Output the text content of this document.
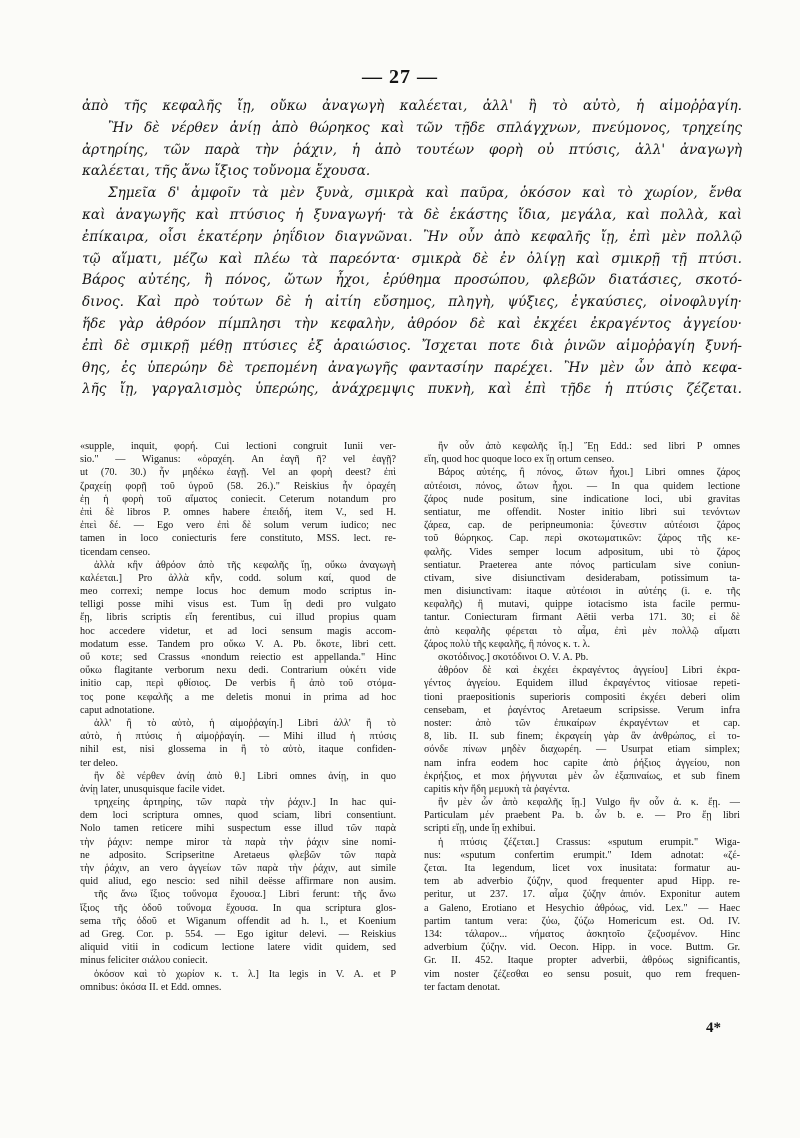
— 27 —
ἀπὸ τῆς κεφαλῆς ἴῃ, οὔκω ἀναγωγὴ καλέεται, ἀλλ' ἢ τὸ αὐτὸ, ἡ αἱμοῤῥαγίη.
Ἢν δὲ νέρθεν ἀνίῃ ἀπὸ θώρηκος καὶ τῶν τῇδε σπλάγχνων, πνεύμονος, τρηχείης
ἀρτηρίης, τῶν παρὰ τὴν ῥάχιν, ἡ ἀπὸ τουτέων φορὴ οὐ πτύσις, ἀλλ' ἀναγωγὴ
καλέεται, τῆς ἄνω ἴξιος τοὔνομα ἔχουσα.
Σημεῖα δ' ἀμφοῖν τὰ μὲν ξυνὰ, σμικρὰ καὶ παῦρα, ὁκόσον καὶ τὸ χωρίον, ἔνθα
καὶ ἀναγωγῆς καὶ πτύσιος ἡ ξυναγωγή· τὰ δὲ ἑκάστης ἴδια, μεγάλα, καὶ πολλὰ, καὶ
ἐπίκαιρα, οἷσι ἑκατέρην ῥηΐδιον διαγνῶναι. Ἢν οὖν ἀπὸ κεφαλῆς ἴῃ, ἐπὶ μὲν πολλῷ
τῷ αἵματι, μέζω καὶ πλέω τὰ παρεόντα· σμικρὰ δὲ ἐν ὀλίγῃ καὶ σμικρῇ τῇ πτύσι.
Βάρος αὐτέης, ἢ πόνος, ὤτων ἦχοι, ἐρύθημα προσώπου, φλεβῶν διατάσιες, σκοτό-
δινος. Καὶ πρὸ τούτων δὲ ἡ αἰτίη εὔσημος, πληγὴ, ψύξιες, ἐγκαύσιες, οἰνοφλυγίη·
ἥδε γὰρ ἀθρόον πίμπλησι τὴν κεφαλὴν, ἀθρόον δὲ καὶ ἐκχέει ἐκραγέντος ἀγγείου·
ἐπὶ δὲ σμικρῇ μέθῃ πτύσιες ἐξ ἀραιώσιος. Ἴσχεται ποτε διὰ ῥινῶν αἱμοῤῥαγίη ξυνή-
θης, ἐς ὑπερώην δὲ τρεπομένη ἀναγωγῆς φαντασίην παρέχει. Ἢν μὲν ὦν ἀπὸ κεφα-
λῆς ἴῃ, γαργαλισμὸς ὑπερώης, ἀνάχρεμψις πυκνὴ, καὶ ἐπὶ τῇδε ἡ πτύσις ζέζεται.
«supple, inquit, φορή. Cui lectioni congruit Iunii ver-
sio." — Wiganus: «ὀραχέη. An ἐαγῆ ῆ? vel ἐαγῇ?
ut (70. 30.) ἦν μηδέκω ἐαγῇ. Vel an φορὴ deest? ἐπὶ
ζραχείῃ φορῇ τοῦ ὑγροῦ (58. 26.)." Reiskius ἦν ὀραχέη
ἐῃ ἡ φορὴ τοῦ αἵματος coniecit. Ceterum notandum pro
ἐπὶ δὲ libros P. omnes habere ἐπειδή, item V., sed H.
ἐπεὶ δέ. — Ego vero ἐπὶ δὲ solum verum iudico; nec
tamen in loco coniecturis fere constituto, MSS. lect. re-
ticendam censeo.
ἀλλὰ κἢν ἀθρόον ἀπὸ τῆς κεφαλῆς ἴῃ, οὔκω ἀναγωγὴ
καλέεται.] Pro ἀλλὰ κἢν, codd. solum καί, quod de
meo correxi; nempe locus hoc demum modo scriptus in-
telligi posse mihi visus est. Tum ἴῃ dedi pro vulgato
ἔῃ, libris scriptis εἴη ferentibus, cui illud propius quam
hoc accedere videtur, et ad loci sensum magis accom-
modatum esse. Tandem pro οὔκω V. A. Pb. ὅκοτε, libri cett.
οὔ κοτε; sed Crassus «nondum reiectio est appellanda." Hinc
οὔκω flagitante verborum nexu dedi. Contrarium οὐκέτι vide
initio cap, περὶ φθίσιος. De verbis ἢ ἀπὸ τοῦ στόμα-
τος pone κεφαλῆς a me deletis monui in prima ad hoc
caput adnotatione.
ἀλλ' ἢ τὸ αὐτὸ, ἡ αἱμοῤῥαγίη.] Libri ἀλλ' ἢ τὸ
αὐτὸ, ἡ πτύσις ἡ αἱμοῤῥαγίη. — Mihi illud ἡ πτύσις
nihil est, nisi glossema in ἢ τὸ αὐτὸ, itaque confiden-
ter deleo.
ἢν δὲ νέρθεν ἀνίῃ ἀπὸ θ.] Libri omnes ἀνίῃ, in quo
ἀνίῃ later, unusquisque facile videt.
τρηχείης ἀρτηρίης, τῶν παρὰ τὴν ῥάχιν.] In hac qui-
dem loci scriptura omnes, quod sciam, libri consentiunt.
Nolo tamen reticere mihi suspectum esse illud τῶν παρὰ
τὴν ῥάχιν: nempe miror τὰ παρὰ τὴν ῥάχιν sine nomi-
ne adposito. Scripseritne Aretaeus φλεβῶν τῶν παρὰ
τὴν ῥάχιν, an vero ἀγγείων τῶν παρὰ τὴν ῥάχιν, aut simile
quid aliud, ego nescio: sed nihil deësse affirmare non ausim.
τῆς ἄνω ἴξιος τοὔνομα ἔχουσα.] Libri ferunt: τῆς ἄνω
ἴξιος τῆς ὁδοῦ τοὔνομα ἔχουσα. In qua scriptura glos-
sema τῆς ὁδοῦ et Wiganum offendit ad h. l., et Koenium
ad Greg. Cor. p. 554. — Ego igitur delevi. — Reiskius
aliquid vitii in codicum lectione latere vidit quidem, sed
minus feliciter σιάλου coniecit.
ὁκόσον καὶ τὸ χωρίον κ. τ. λ.] Ita legis in V. A. et P
omnibus: ὁκόσα II. et Edd. omnes.
ἢν οὖν ἀπὸ κεφαλῆς ἴῃ.] Ἔῃ Edd.: sed libri P omnes
εἴη, quod hoc quoque loco ex ἴῃ ortum censeo.
Βάρος αὐτέης, ἢ πόνος, ὤτων ἦχοι.] Libri omnes ζάρος
αὐτέοισι, πόνος, ὤτων ἦχοι. — In qua quidem lectione
ζάρος nude positum, sine indicatione loci, ubi gravitas
sentiatur, me offendit. Noster initio libri sui τενόντων
ζάρεα, cap. de peripneumonia: ξύνεστιν αὐτέοισι ζάρος
τοῦ θώρηκος. Cap. περὶ σκοτωματικῶν: ζάρος τῆς κε-
φαλῆς. Vides semper locum adpositum, ubi τὸ ζάρος
sentiatur. Praeterea ante πόνος particulam sive coniun-
ctivam, sive disiunctivam desiderabam, potissimum ta-
men disiunctivam: itaque αὐτέοισι in αὐτέης (i. e. τῆς
κεφαλῆς) ἢ mutavi, quippe iotacismo ista facile permu-
tantur. Coniecturam firmant Aëtii verba 171. 30; εἰ δὲ
ἀπὸ κεφαλῆς φέρεται τὸ αἷμα, ἐπὶ μὲν πολλῷ αἵματι
ζάρος πολὺ τῆς κεφαλῆς, ἢ πόνος κ. τ. λ.
σκοτόδινος.] σκοτόδινοι O. V. A. Pb.
ἀθρόον δὲ καὶ ἐκχέει ἐκραγέντος ἀγγείου] Libri ἐκρα-
γέντος ἀγγείου. Equidem illud ἐκραγέντος vitiosae repeti-
tioni praepositionis superioris compositi ἐκχέει deberi olim
censebam, et ῥαγέντος Aretaeum scripsisse. Verum infra
noster: ἀπὸ τῶν ἐπικαίρων ἐκραγέντων et cap.
8, lib. II. sub finem; ἐκραγείη γὰρ ἂν ἀνθρώπος, εἰ το-
σόνδε πίνων μηδὲν διαχωρέη. — Usurpat etiam simplex;
nam infra eodem hoc capite ἀπὸ ῥήξιος ἀγγείου, non
ἐκρήξιος, et mox ῥήγνυται μὲν ὦν ἐξαπιναίως, et sub finem
capitis κὴν ἤδη μεμυκὴ τὰ ῥαγέντα.
ἢν μὲν ὦν ἀπὸ κεφαλῆς ἴῃ.] Vulgo ἢν οὖν ἀ. κ. ἔῃ. —
Particulam μέν praebent Pa. b. ὦν b. e. — Pro ἔῃ libri
scripti εἴῃ, unde ἴῃ exhibui.
ἡ πτύσις ζέζεται.] Crassus: «sputum erumpit." Wiga-
nus: «sputum confertim erumpit." Idem adnotat: «ζέ-
ζεται. Ita legendum, licet vox inusitata: formatur au-
tem ab adverbio ζύζην, quod frequenter apud Hipp. re-
peritur, ut 237. 17. αἷμα ζύζην ἀπιόν. Exponitur autem
a Galeno, Erotiano et Hesychio ἀθρόως, vid. Lex." — Haec
partim tantum vera: ζύω, ζύζω Homericum est. Od. IV.
134: τάλαρον... νήματος ἀσκητοῖο ζεζυσμένον. Hinc
adverbium ζύζην. vid. Oecon. Hipp. in voce. Buttm. Gr.
Gr. II. 452. Itaque propter adverbii, ἀθρόως significantis,
vim noster ζέζεσθαι eo sensu posuit, quo rem frequen-
ter factam denotat.
4*
